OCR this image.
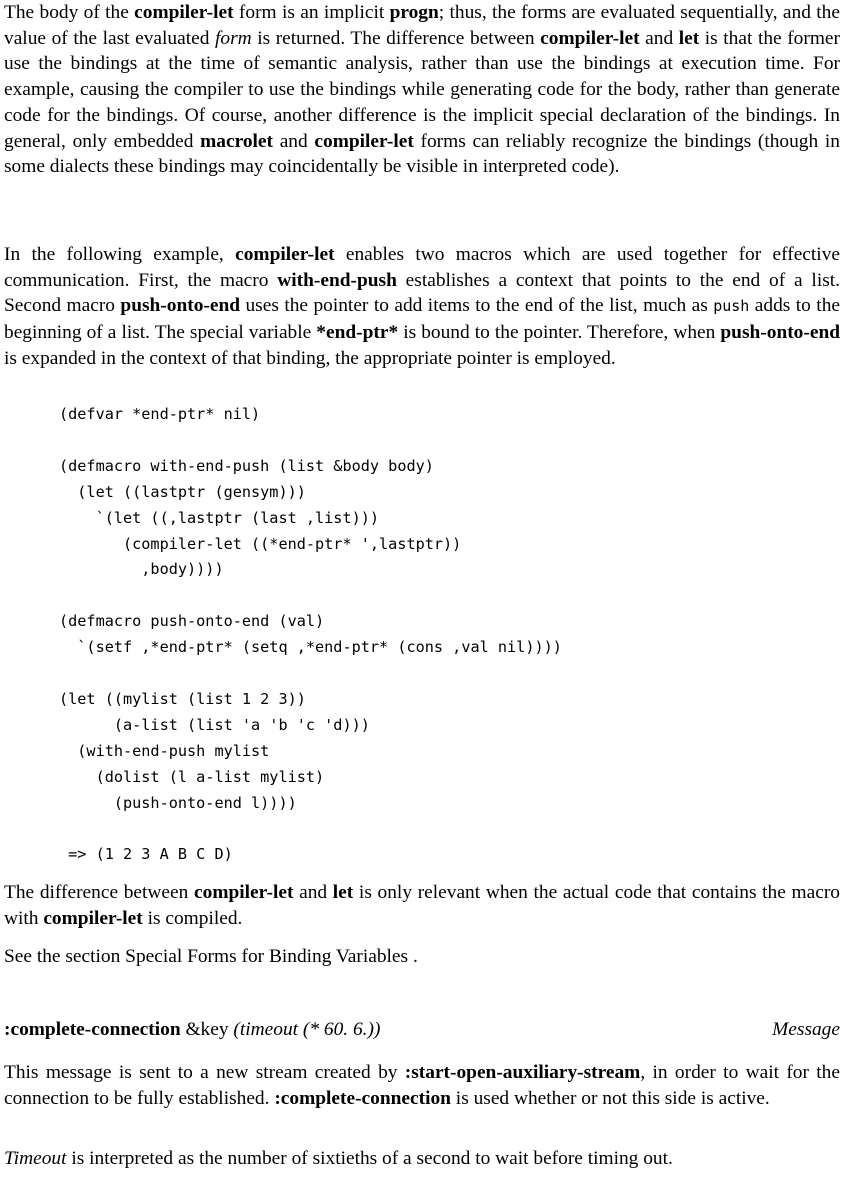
The body of the compiler-let form is an implicit progn; thus, the forms are evaluated sequentially, and the value of the last evaluated form is returned. The difference between compiler-let and let is that the former use the bindings at the time of semantic analysis, rather than use the bindings at execution time. For example, causing the compiler to use the bindings while generating code for the body, rather than generate code for the bindings. Of course, another difference is the implicit special declaration of the bindings. In general, only embedded macrolet and compiler-let forms can reliably recognize the bindings (though in some dialects these bindings may coincidentally be visible in interpreted code).

In the following example, compiler-let enables two macros which are used together for effective communication. First, the macro with-end-push establishes a context that points to the end of a list. Second macro push-onto-end uses the pointer to add items to the end of the list, much as push adds to the beginning of a list. The special variable *end-ptr* is bound to the pointer. Therefore, when push-onto-end is expanded in the context of that binding, the appropriate pointer is employed.

(defvar *end-ptr* nil)

(defmacro with-end-push (list &body body)
(let ((lastptr (gensym)))
`(let ((,lastptr (last ,list)))
(compiler-let ((*end-ptr* ',lastptr))
,body))))

(defmacro push-onto-end (val)
`(setf ,*end-ptr* (setq ,*end-ptr* (cons ,val nil))))

(let ((mylist (list 1 2 3))
(a-list (list 'a 'b 'c 'd)))
(with-end-push mylist
(dolist (l a-list mylist)
(push-onto-end l))))

=> (1 2 3 A B C D)

The difference between compiler-let and let is only relevant when the actual code that contains the macro with compiler-let is compiled.

See the section Special Forms for Binding Variables .

:complete-connection &key (timeout (* 60. 6.))	Message

This message is sent to a new stream created by :start-open-auxiliary-stream, in order to wait for the connection to be fully established. :complete-connection is used whether or not this side is active.

Timeout is interpreted as the number of sixtieths of a second to wait before timing out.
